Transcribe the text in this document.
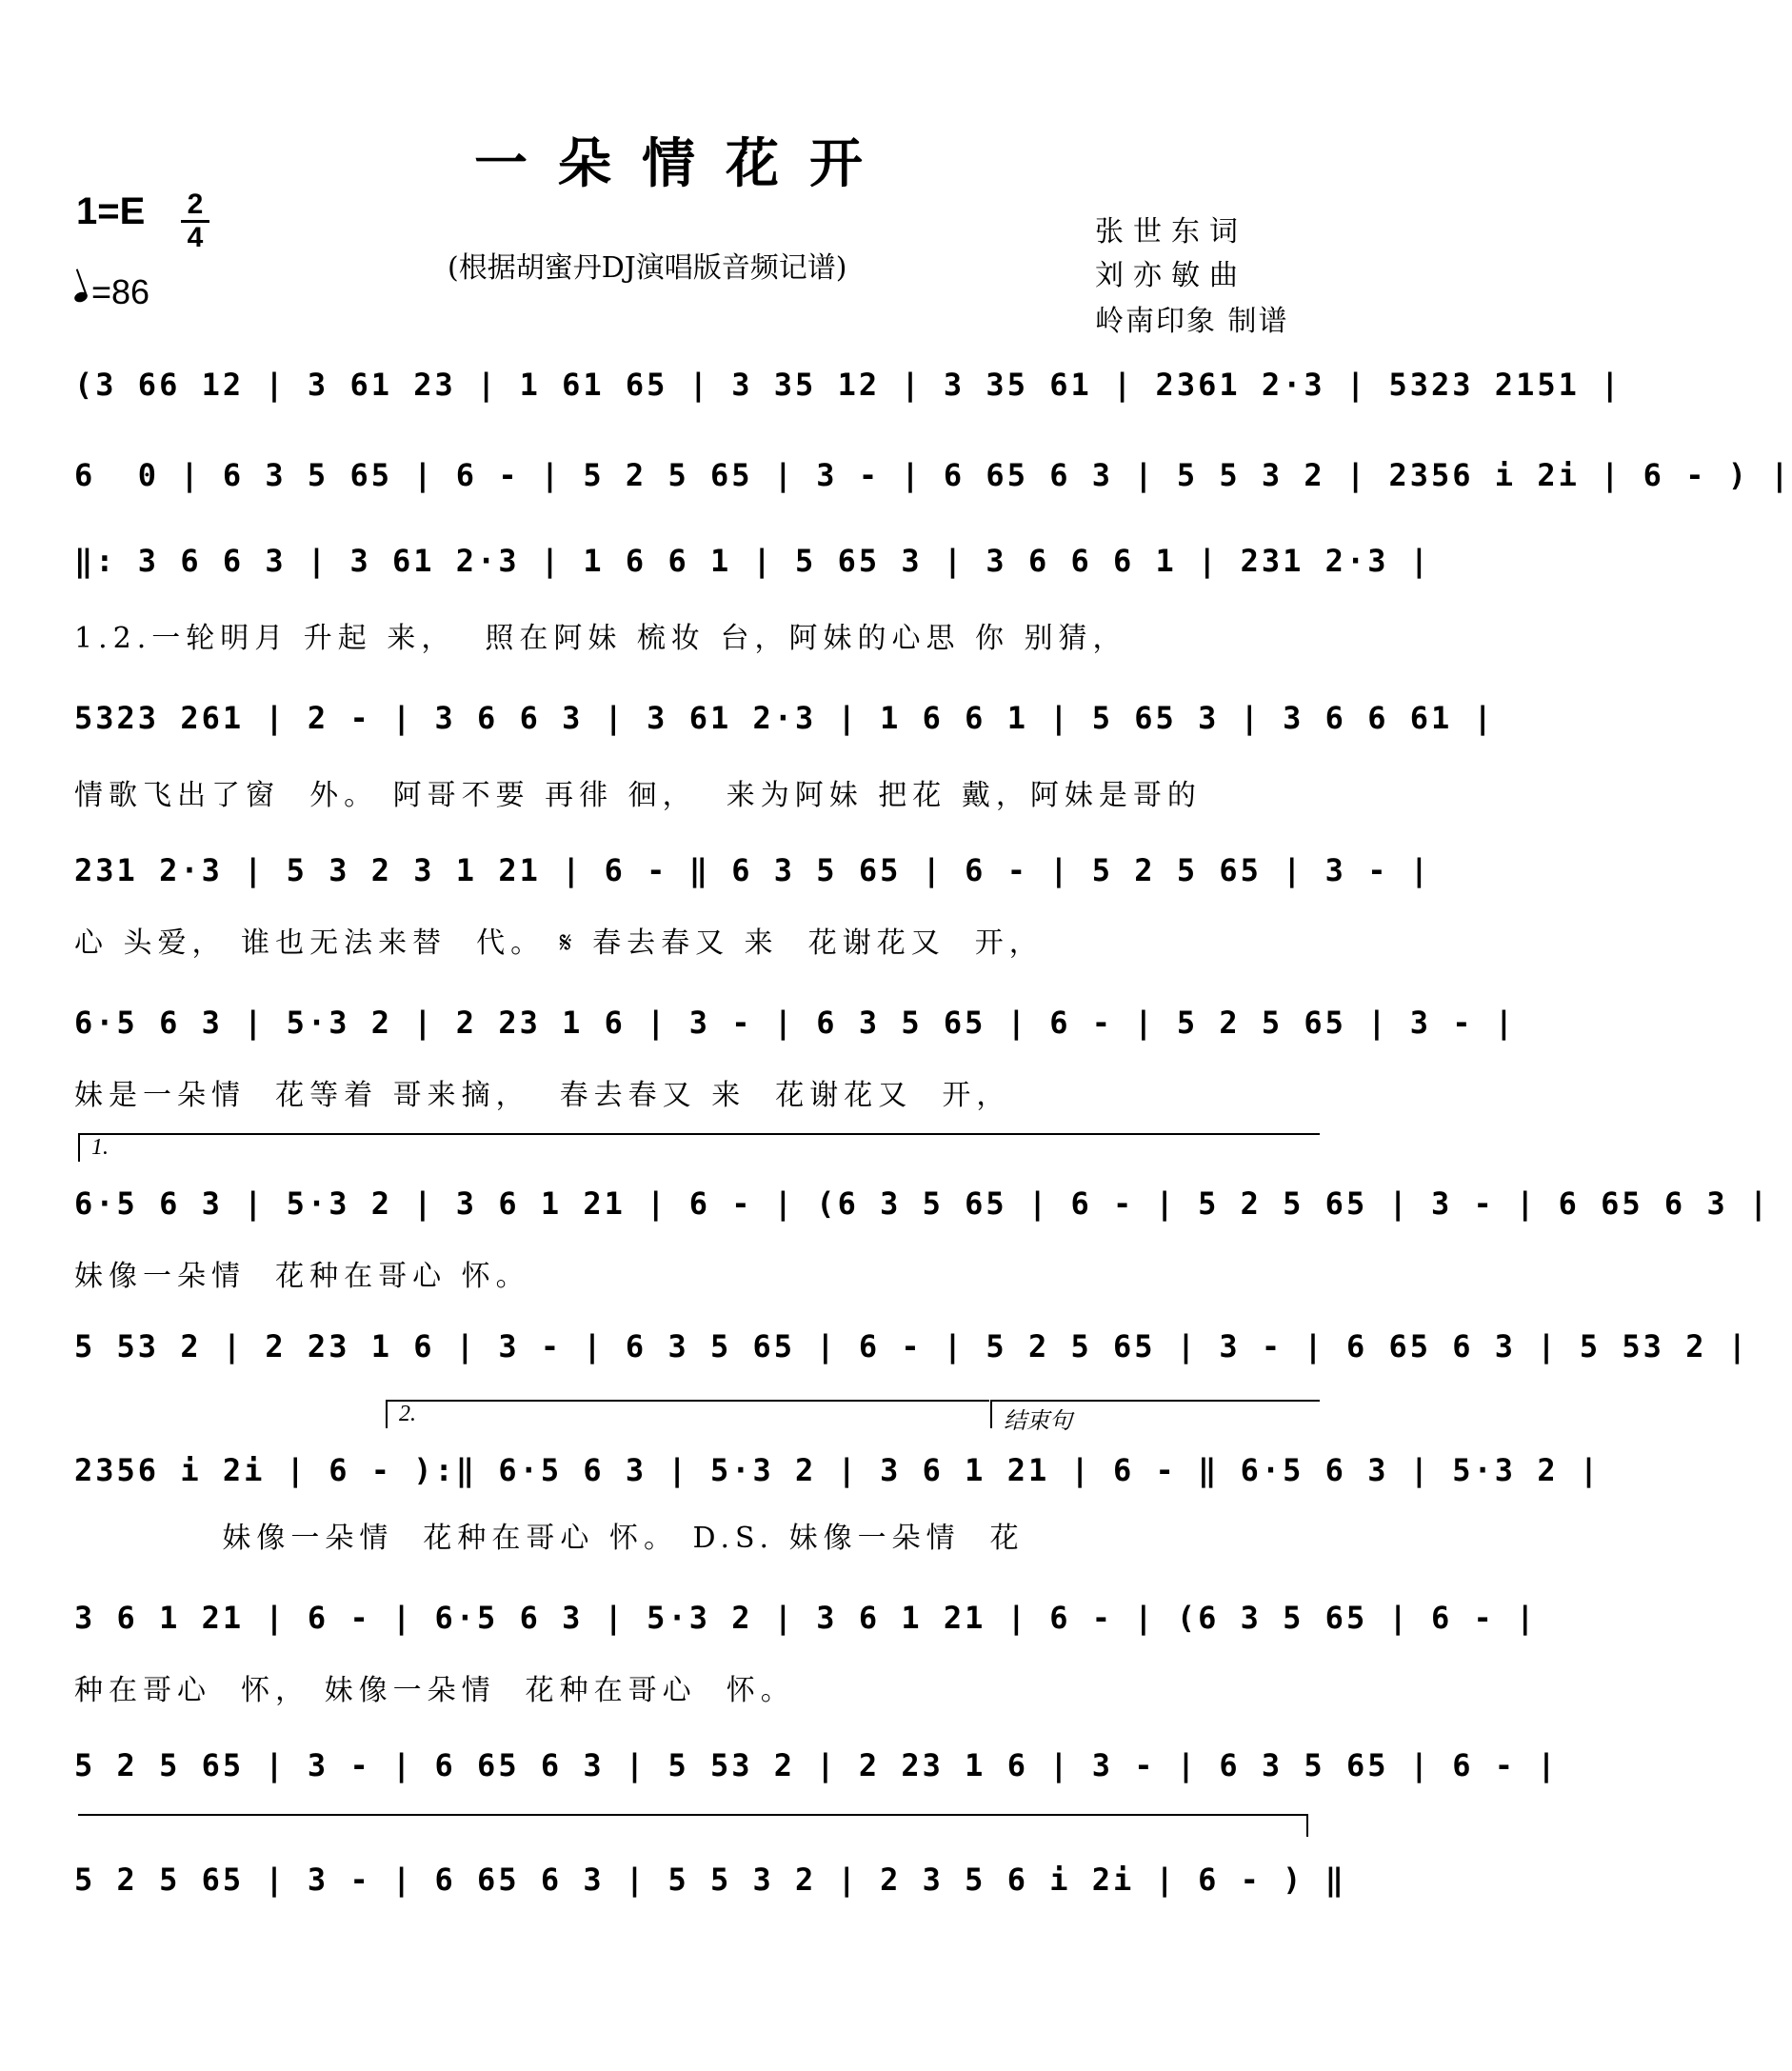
一朵情花开
1=E 2
4
=86
(根据胡蜜丹DJ演唱版音频记谱)
张世东词
刘亦敏曲
岭南印象 制谱
(3 66 12 | 3 61 23 | 1 61 65 | 3 35 12 | 3 35 61 | 2361 2·3 | 5323 2151 |
6  0 | 6 3 5 65 | 6 - | 5 2 5 65 | 3 - | 6 65 6 3 | 5 5 3 2 | 2356 i 2i | 6 - ) |
‖: 3 6 6 3 | 3 61 2·3 | 1 6 6 1 | 5 65 3 | 3 6 6 6 1 | 231 2·3 |
1.2.一轮明月 升起 来，  照在阿妹 梳妆 台，阿妹的心思 你 别猜，
5323 261 | 2 - | 3 6 6 3 | 3 61 2·3 | 1 6 6 1 | 5 65 3 | 3 6 6 61 |
情歌飞出了窗  外。 阿哥不要 再徘 徊，  来为阿妹 把花 戴，阿妹是哥的
231 2·3 | 5 3 2 3 1 21 | 6 - ‖ 6 3 5 65 | 6 - | 5 2 5 65 | 3 - |
心 头爱， 谁也无法来替  代。 𝄋 春去春又 来  花谢花又  开，
6·5 6 3 | 5·3 2 | 2 23 1 6 | 3 - | 6 3 5 65 | 6 - | 5 2 5 65 | 3 - |
妹是一朵情  花等着 哥来摘，  春去春又 来  花谢花又  开，
1.
6·5 6 3 | 5·3 2 | 3 6 1 21 | 6 - | (6 3 5 65 | 6 - | 5 2 5 65 | 3 - | 6 65 6 3 |
妹像一朵情  花种在哥心 怀。
5 53 2 | 2 23 1 6 | 3 - | 6 3 5 65 | 6 - | 5 2 5 65 | 3 - | 6 65 6 3 | 5 53 2 |
2.	结束句
2356 i 2i | 6 - ):‖ 6·5 6 3 | 5·3 2 | 3 6 1 21 | 6 - ‖ 6·5 6 3 | 5·3 2 |
妹像一朵情  花种在哥心 怀。 D.S. 妹像一朵情  花
3 6 1 21 | 6 - | 6·5 6 3 | 5·3 2 | 3 6 1 21 | 6 - | (6 3 5 65 | 6 - |
种在哥心  怀， 妹像一朵情  花种在哥心  怀。
5 2 5 65 | 3 - | 6 65 6 3 | 5 53 2 | 2 23 1 6 | 3 - | 6 3 5 65 | 6 - |
5 2 5 65 | 3 - | 6 65 6 3 | 5 5 3 2 | 2 3 5 6 i 2i | 6 - ) ‖
